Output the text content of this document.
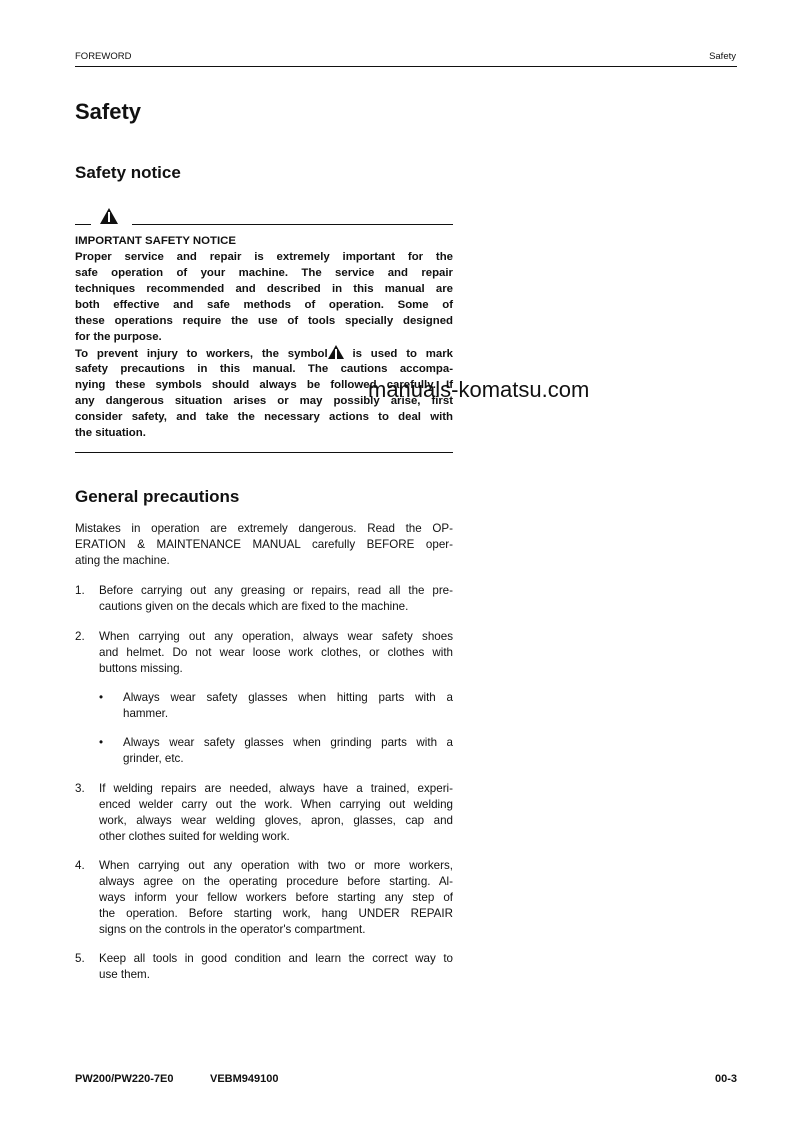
FOREWORD	Safety
Safety
Safety notice
IMPORTANT SAFETY NOTICE
Proper service and repair is extremely important for the
safe operation of your machine. The service and repair
techniques recommended and described in this manual are
both effective and safe methods of operation. Some of
these operations require the use of tools specially designed
for the purpose.
To prevent injury to workers, the symbol is used to mark
safety precautions in this manual. The cautions accompa-
nying these symbols should always be followed carefully. If
any dangerous situation arises or may possibly arise, first
consider safety, and take the necessary actions to deal with
the situation.
manuals-komatsu.com
General precautions
Mistakes in operation are extremely dangerous. Read the OP-
ERATION & MAINTENANCE MANUAL carefully BEFORE oper-
ating the machine.
1. Before carrying out any greasing or repairs, read all the pre-
cautions given on the decals which are fixed to the machine.
2. When carrying out any operation, always wear safety shoes
and helmet. Do not wear loose work clothes, or clothes with
buttons missing.
3. If welding repairs are needed, always have a trained, experi-
enced welder carry out the work. When carrying out welding
work, always wear welding gloves, apron, glasses, cap and
other clothes suited for welding work.
4. When carrying out any operation with two or more workers,
always agree on the operating procedure before starting. Al-
ways inform your fellow workers before starting any step of
the operation. Before starting work, hang UNDER REPAIR
signs on the controls in the operator's compartment.
5. Keep all tools in good condition and learn the correct way to
use them.
• Always wear safety glasses when hitting parts with a
hammer.
• Always wear safety glasses when grinding parts with a
grinder, etc.
PW200/PW220-7E0	VEBM949100	00-3
